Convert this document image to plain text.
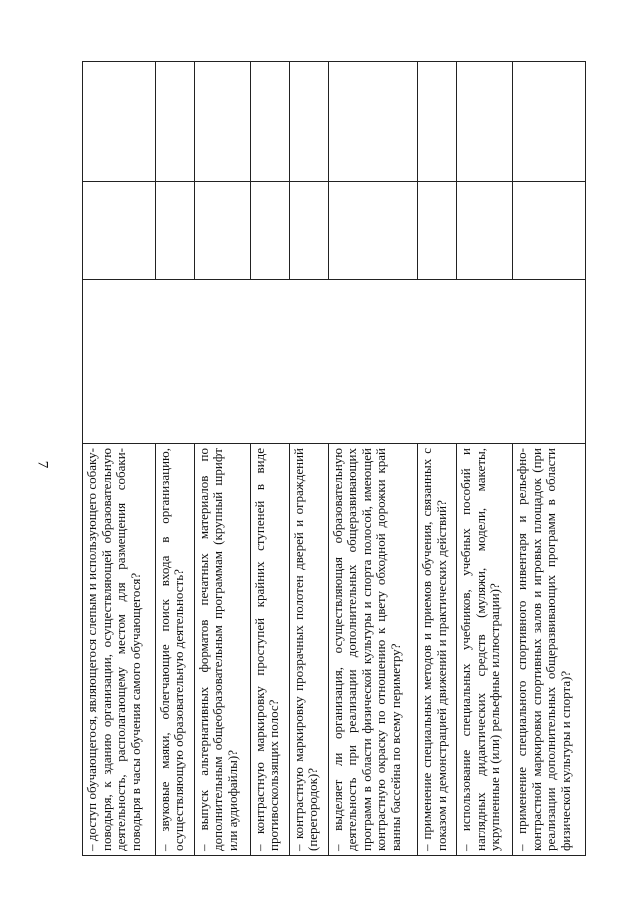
7	– доступ обучающегося, являющегося слепым и использующего собаку-поводыря, к зданию организации, осуществляющей образовательную деятельность, располагающему местом для размещения собаки-поводыря в часы обучения самого обучающегося?			
– звуковые маяки, облегчающие поиск входа в организацию, осуществляющую образовательную деятельность?			
– выпуск альтернативных форматов печатных материалов по дополнительным общеобразовательным программам (крупный шрифт или аудиофайлы)?			
– контрастную маркировку проступей крайних ступеней в виде противоскользящих полос?			
– контрастную маркировку прозрачных полотен дверей и ограждений (перегородок)?			
– выделяет ли организация, осуществляющая образовательную деятельность при реализации дополнительных общеразвивающих программ в области физической культуры и спорта полосой, имеющей контрастную окраску по отношению к цвету обходной дорожки край ванны бассейна по всему периметру?			
– применение специальных методов и приемов обучения, связанных с показом и демонстрацией движений и практических действий?			
– использование специальных учебников, учебных пособий и наглядных дидактических средств (муляжи, модели, макеты, укрупненные и (или) рельефные иллюстрации)?			
– применение специального спортивного инвентаря и рельефно-контрастной маркировки спортивных залов и игровых площадок (при реализации дополнительных общеразвивающих программ в области физической культуры и спорта)?			
